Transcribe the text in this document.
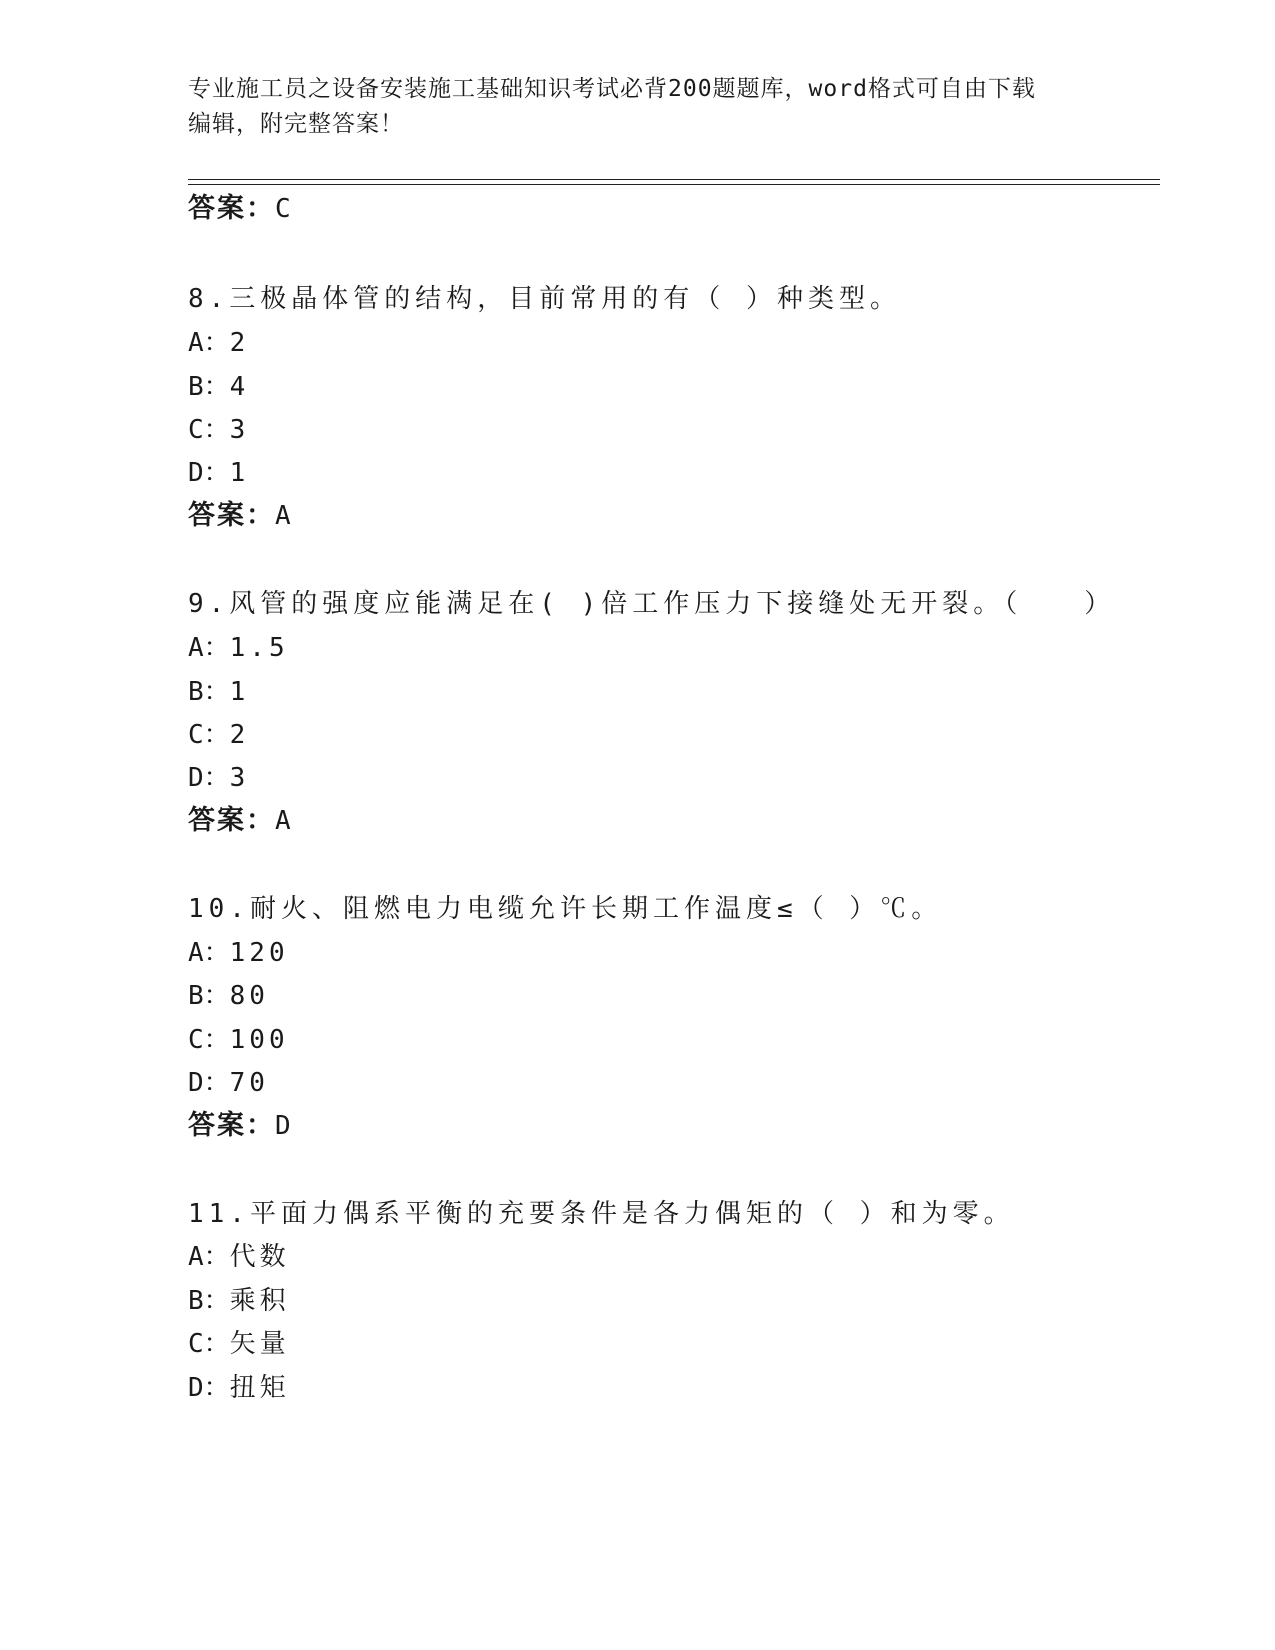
专业施工员之设备安装施工基础知识考试必背200题题库，word格式可自由下载
编辑，附完整答案！
答案：C
8.三极晶体管的结构，目前常用的有（ ）种类型。
A：2
B：4
C：3
D：1
答案：A
9.风管的强度应能满足在( )倍工作压力下接缝处无开裂。（　　）
A：1.5
B：1
C：2
D：3
答案：A
10.耐火、阻燃电力电缆允许长期工作温度≤（ ）℃。
A：120
B：80
C：100
D：70
答案：D
11.平面力偶系平衡的充要条件是各力偶矩的（ ）和为零。
A：代数
B：乘积
C：矢量
D：扭矩
